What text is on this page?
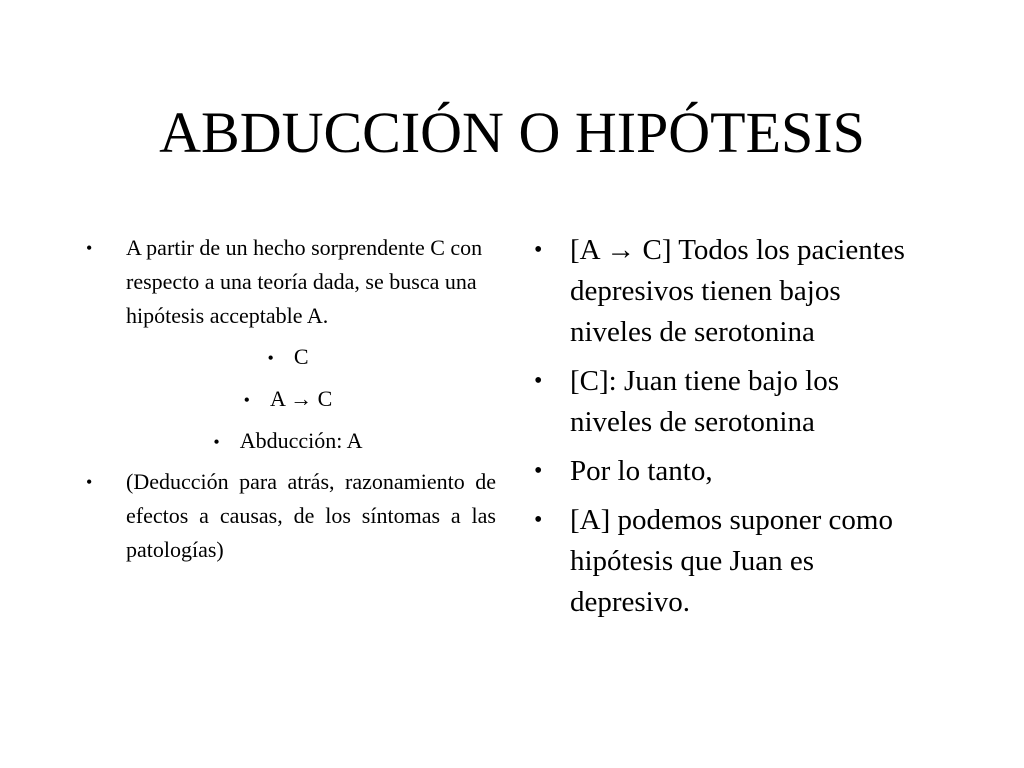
ABDUCCIÓN O HIPÓTESIS
• A partir de un hecho sorprendente C con respecto a una teoría dada, se busca una hipótesis acceptable A.
• C
• A → C
• Abducción: A
• (Deducción para atrás, razonamiento de efectos a causas, de los síntomas a las patologías)
• [A → C] Todos los pacientes depresivos tienen bajos niveles de serotonina
• [C]: Juan tiene bajo los niveles de serotonina
• Por lo tanto,
• [A] podemos suponer como hipótesis que Juan es depresivo.
